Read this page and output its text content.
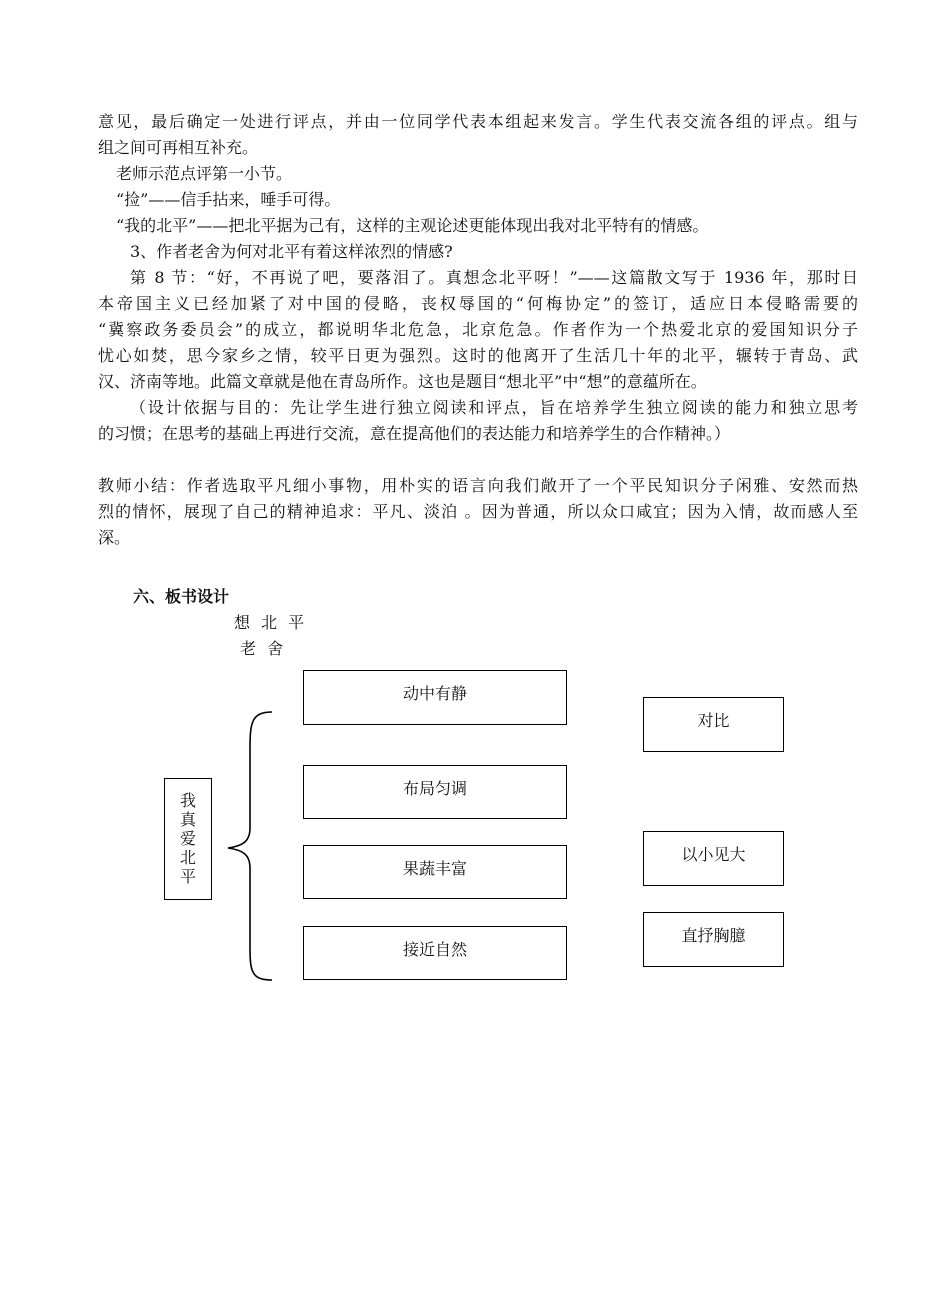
意见，最后确定一处进行评点，并由一位同学代表本组起来发言。学生代表交流各组的评点。组与
组之间可再相互补充。
老师示范点评第一小节。
“捡”——信手拈来，唾手可得。
“我的北平”——把北平据为己有，这样的主观论述更能体现出我对北平特有的情感。
3、作者老舍为何对北平有着这样浓烈的情感?
第 8 节：“好，不再说了吧，要落泪了。真想念北平呀！”——这篇散文写于 1936 年，那时日
本帝国主义已经加紧了对中国的侵略，丧权辱国的“何梅协定”的签订，适应日本侵略需要的
“冀察政务委员会”的成立，都说明华北危急，北京危急。作者作为一个热爱北京的爱国知识分子
忧心如焚，思今家乡之情，较平日更为强烈。这时的他离开了生活几十年的北平，辗转于青岛、武
汉、济南等地。此篇文章就是他在青岛所作。这也是题目“想北平”中“想”的意蕴所在。
（设计依据与目的：先让学生进行独立阅读和评点，旨在培养学生独立阅读的能力和独立思考
的习惯；在思考的基础上再进行交流，意在提高他们的表达能力和培养学生的合作精神。）
教师小结：作者选取平凡细小事物，用朴实的语言向我们敞开了一个平民知识分子闲雅、安然而热
烈的情怀，展现了自己的精神追求：平凡、淡泊 。因为普通，所以众口咸宜；因为入情，故而感人至
深。
六、板书设计
想 北 平
老 舍
我
真
爱
北
平
动中有静
布局匀调
果蔬丰富
接近自然
对比
以小见大
直抒胸臆
